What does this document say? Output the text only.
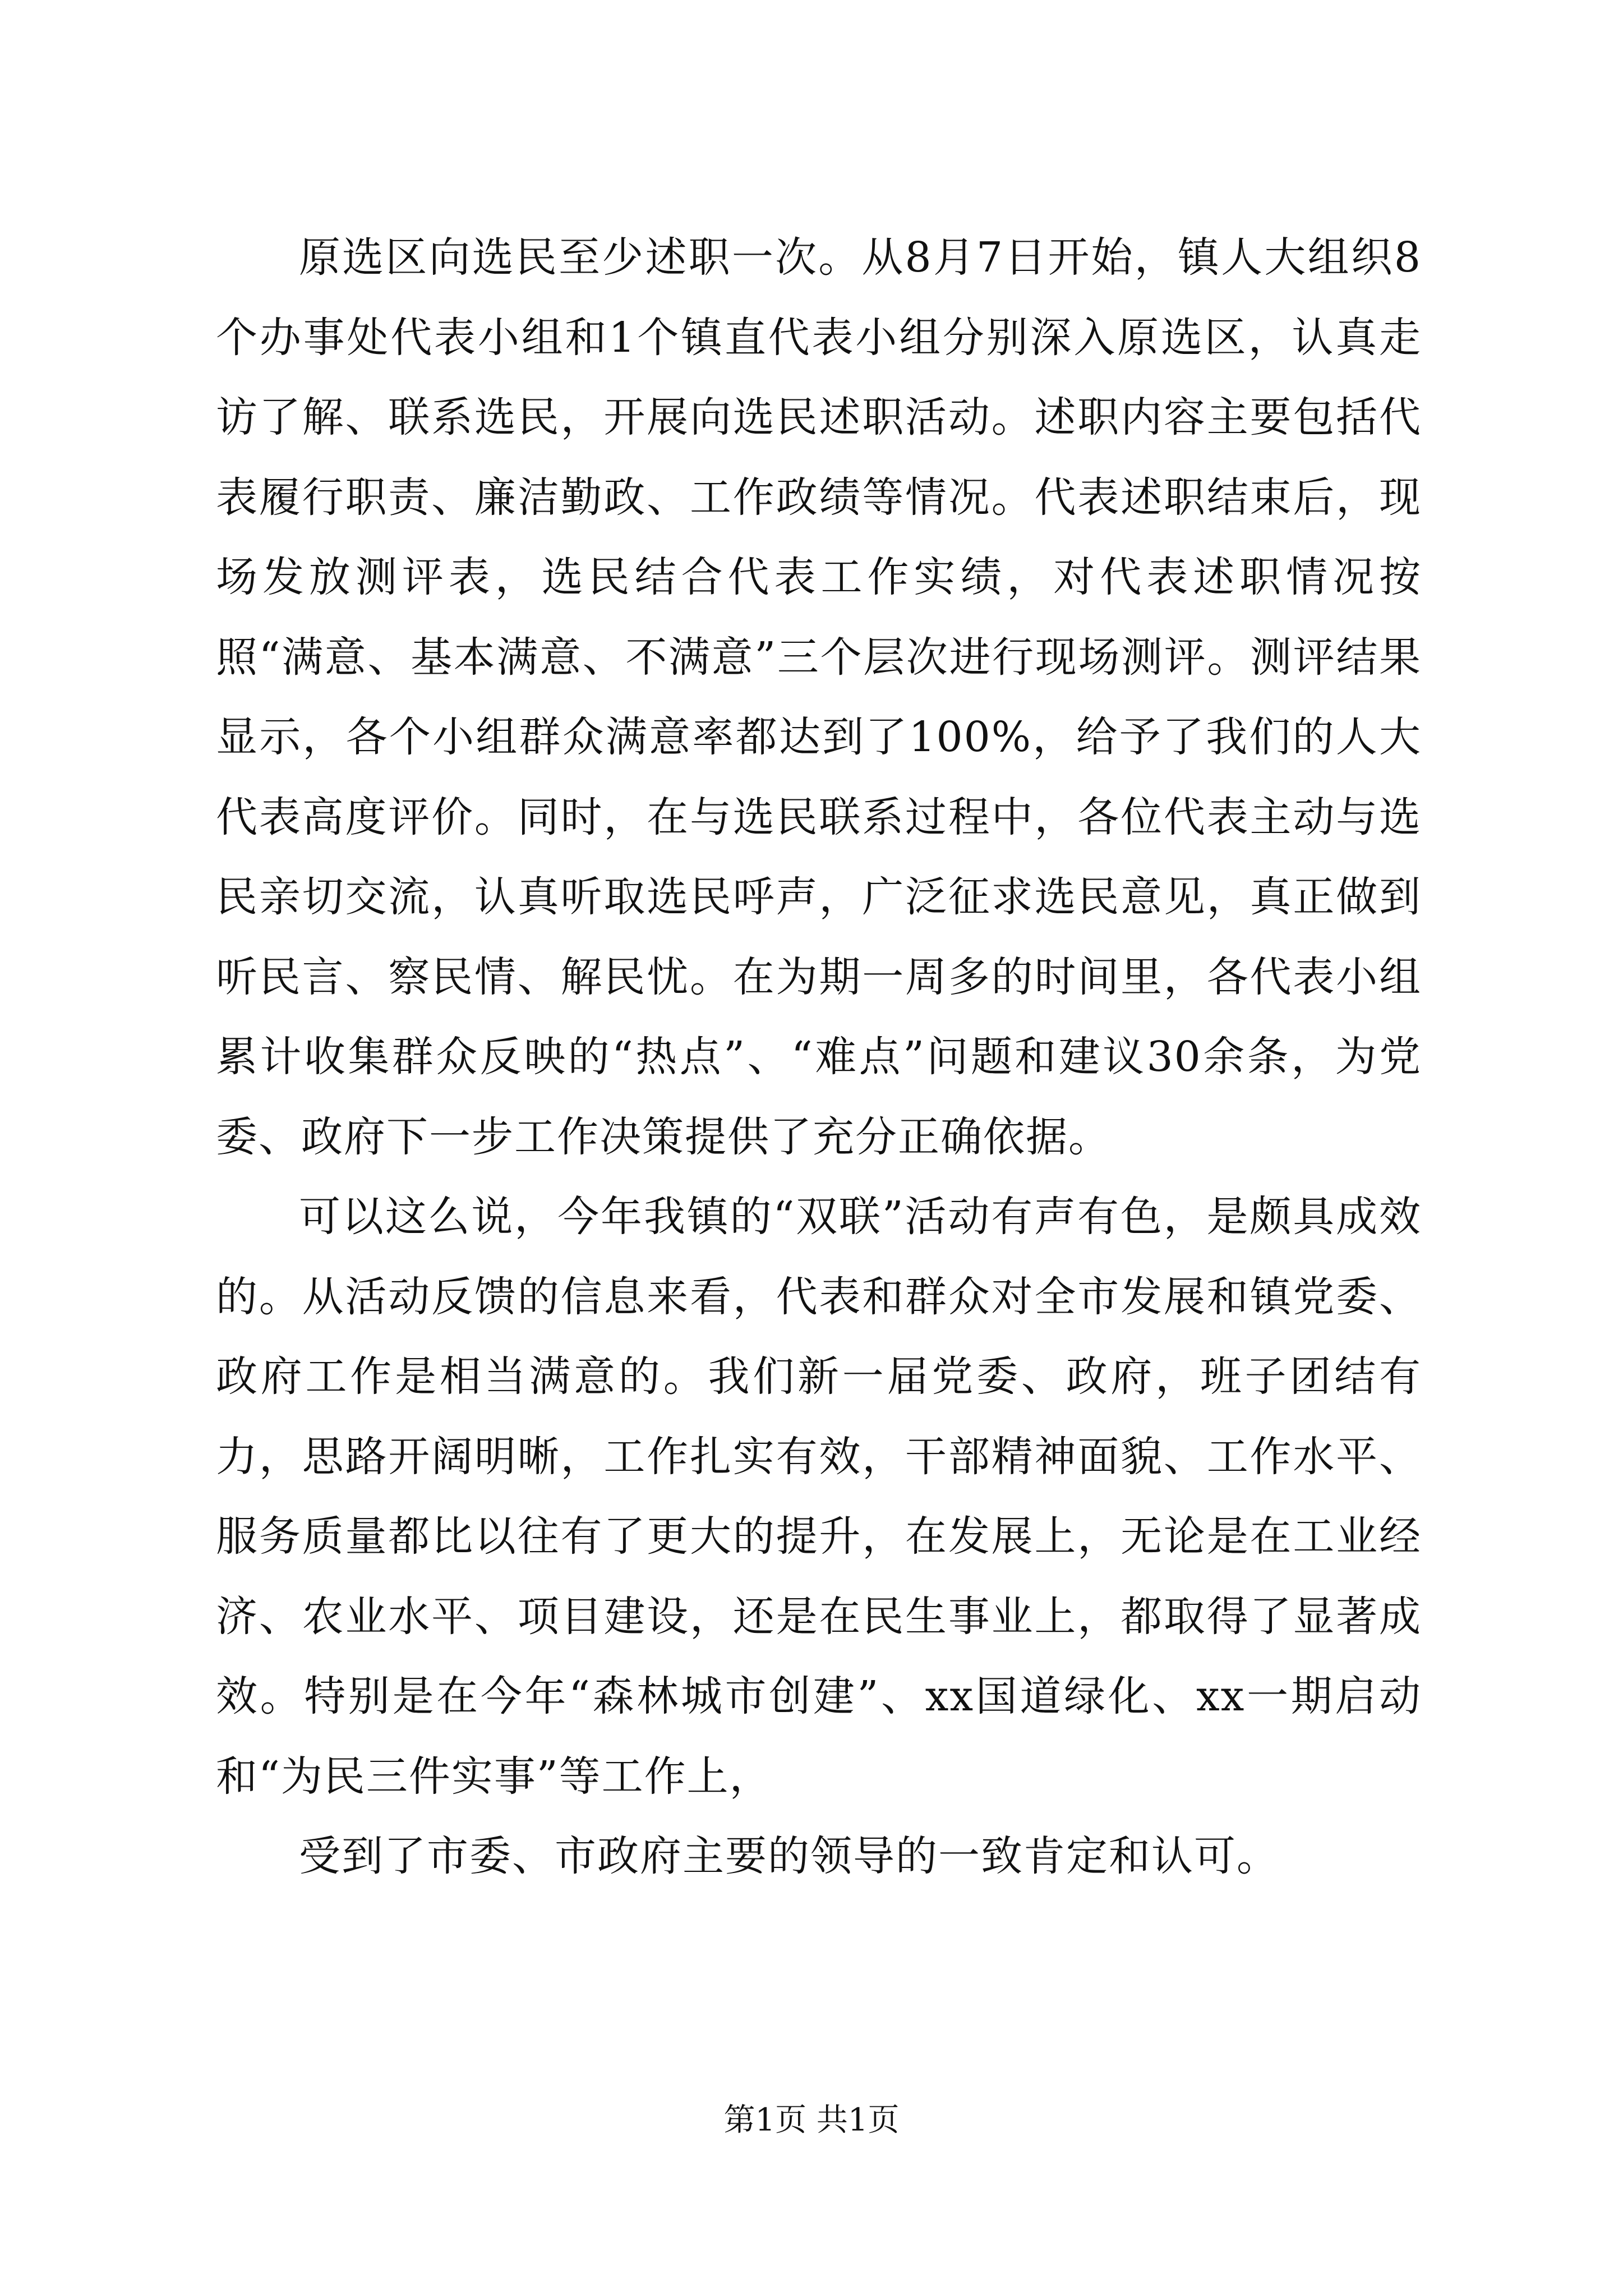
原选区向选民至少述职一次。从8月7日开始，镇人大组织8个办事处代表小组和1个镇直代表小组分别深入原选区，认真走访了解、联系选民，开展向选民述职活动。述职内容主要包括代表履行职责、廉洁勤政、工作政绩等情况。代表述职结束后，现场发放测评表，选民结合代表工作实绩，对代表述职情况按照“满意、基本满意、不满意”三个层次进行现场测评。测评结果显示，各个小组群众满意率都达到了100%，给予了我们的人大代表高度评价。同时，在与选民联系过程中，各位代表主动与选民亲切交流，认真听取选民呼声，广泛征求选民意见，真正做到听民言、察民情、解民忧。在为期一周多的时间里，各代表小组累计收集群众反映的“热点”、“难点”问题和建议30余条，为党委、政府下一步工作决策提供了充分正确依据。

可以这么说，今年我镇的“双联”活动有声有色，是颇具成效的。从活动反馈的信息来看，代表和群众对全市发展和镇党委、政府工作是相当满意的。我们新一届党委、政府，班子团结有力，思路开阔明晰，工作扎实有效，干部精神面貌、工作水平、服务质量都比以往有了更大的提升，在发展上，无论是在工业经济、农业水平、项目建设，还是在民生事业上，都取得了显著成效。特别是在今年“森林城市创建”、xx国道绿化、xx一期启动和“为民三件实事”等工作上，

受到了市委、市政府主要的领导的一致肯定和认可。

第1页 共1页
